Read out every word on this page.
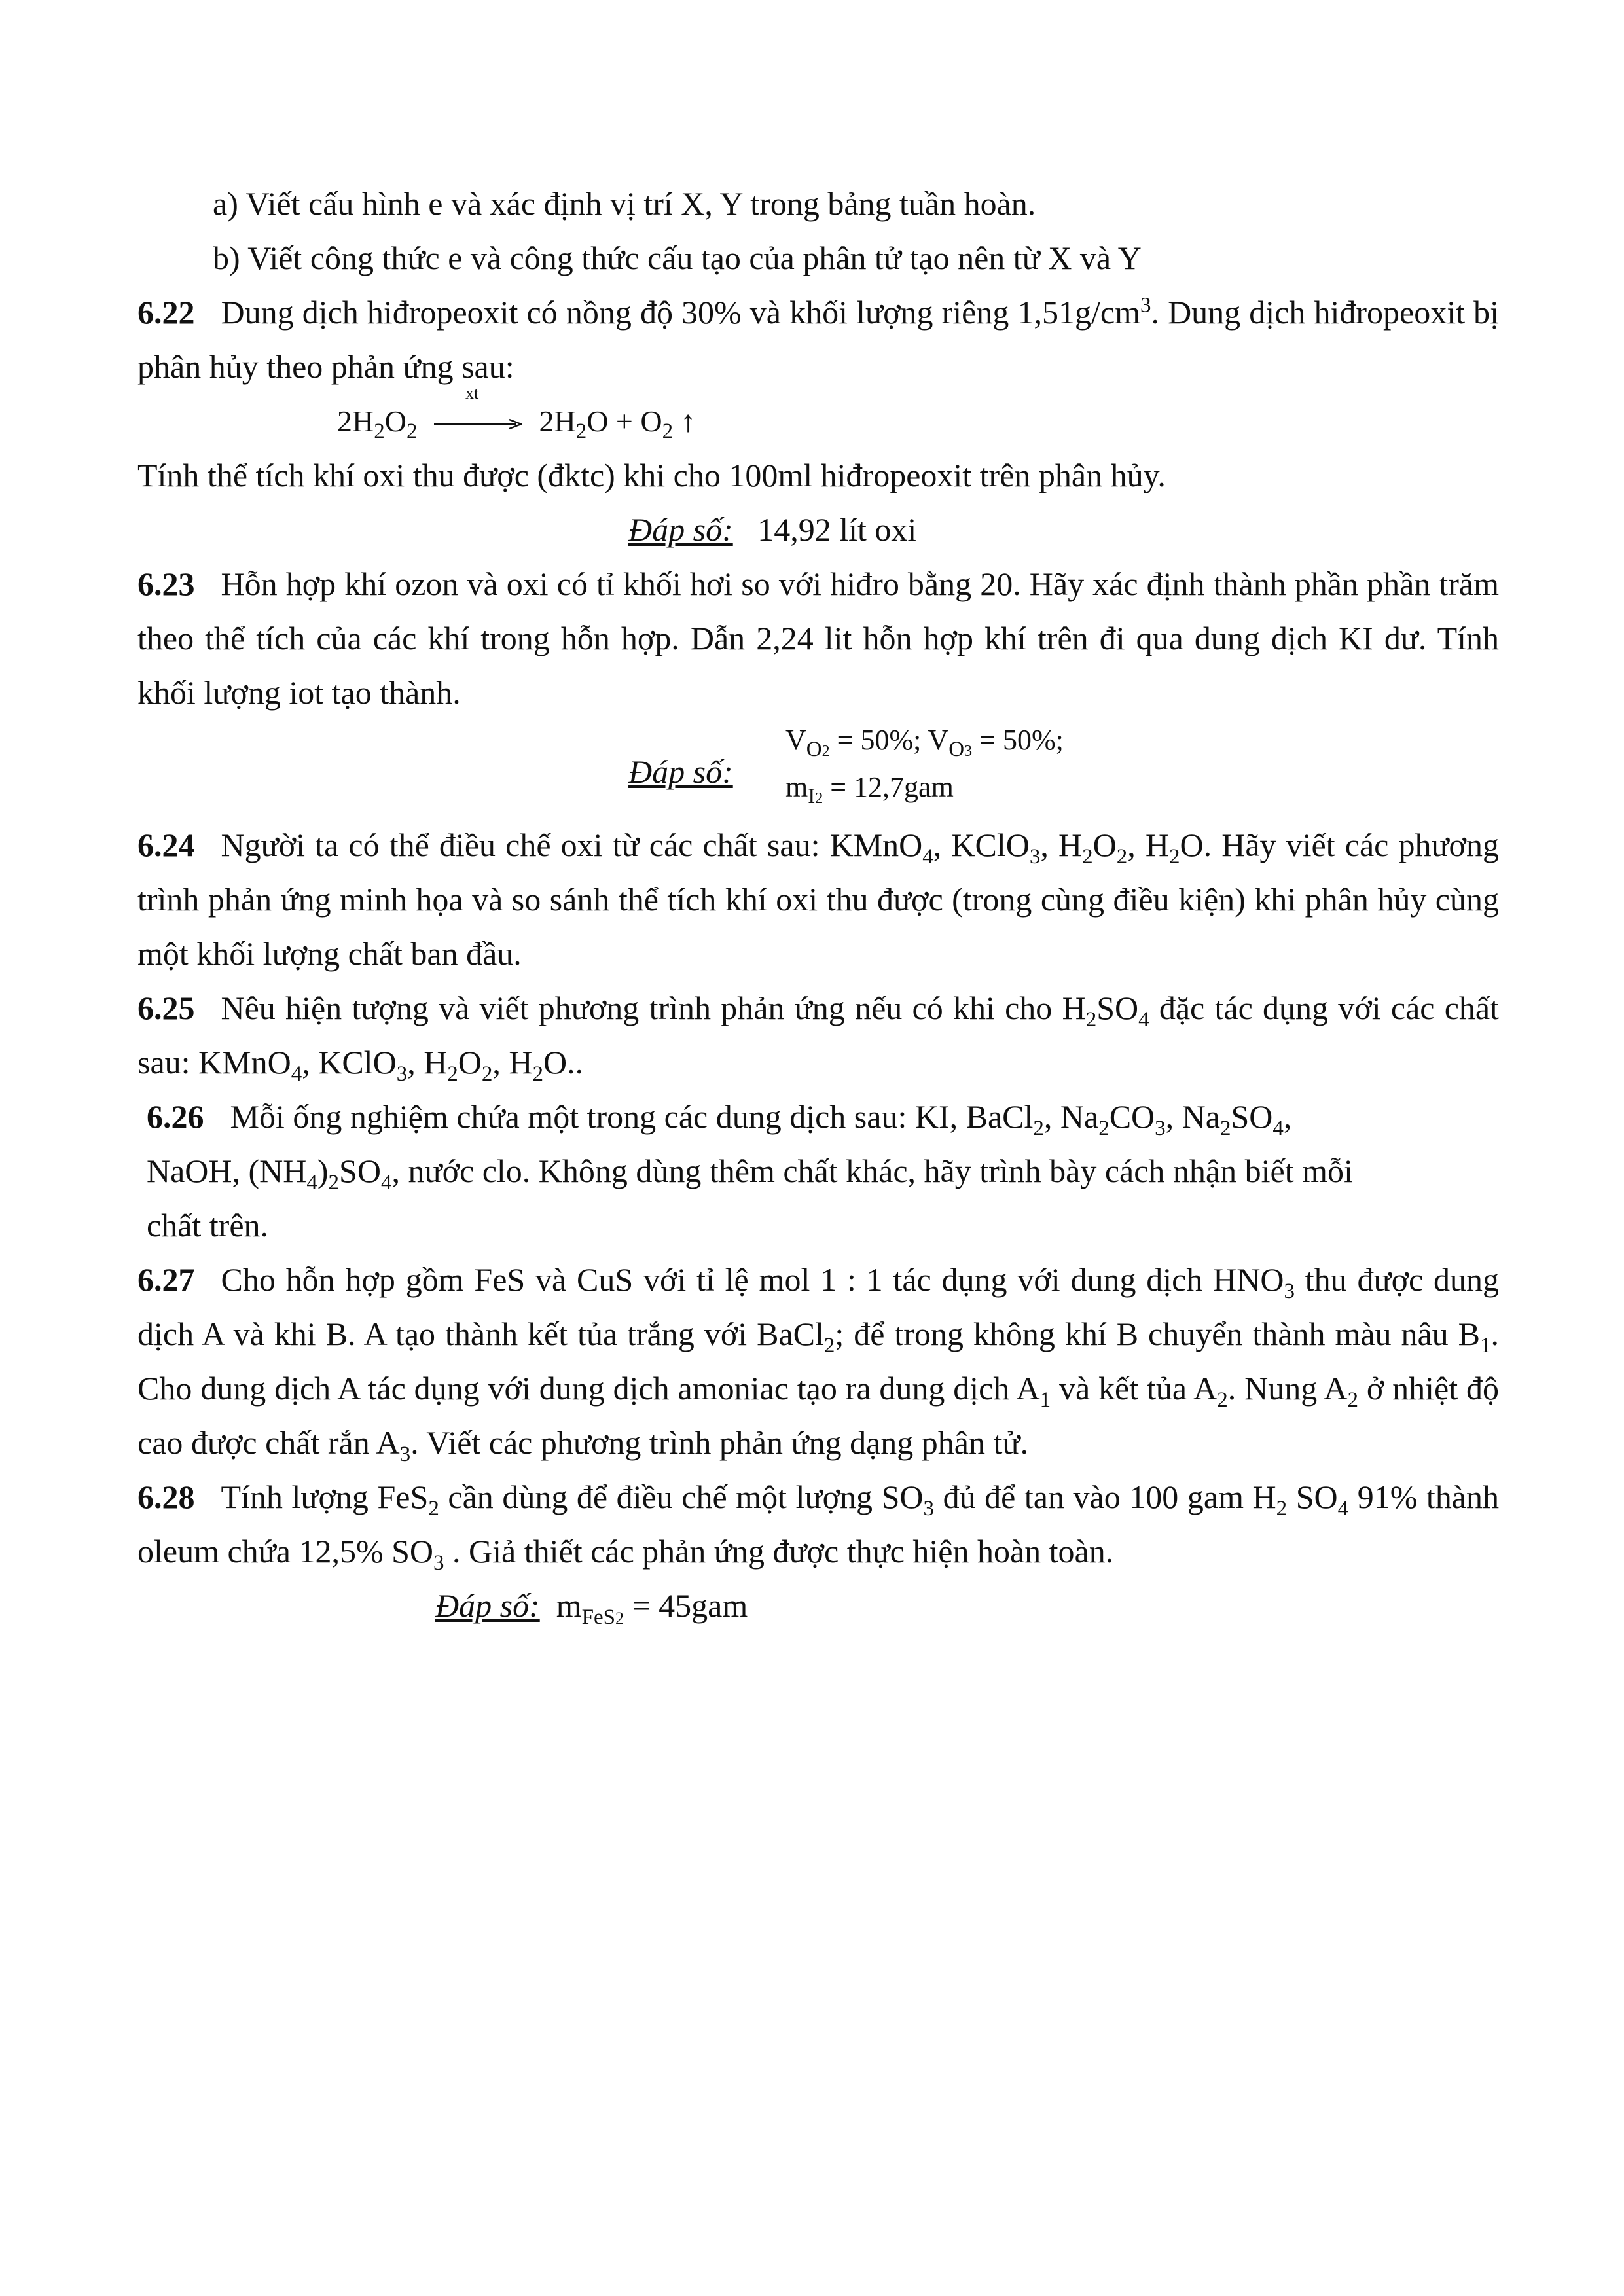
a) Viết cấu hình e và xác định vị trí X, Y trong bảng tuần hoàn.

b) Viết công thức e và công thức cấu tạo của phân tử tạo nên từ X và Y

6.22 Dung dịch hiđropeoxit có nồng độ 30% và khối lượng riêng $1,51g/cm^3$. Dung dịch hiđropeoxit bị phân hủy theo phản ứng sau:

$2H_2O_2$
xt
$2H_2O + O_2$ ↑

Tính thể tích khí oxi thu được (đktc) khi cho 100ml hiđropeoxit trên phân hủy.

Đáp số: 14,92 lít oxi

6.23 Hỗn hợp khí ozon và oxi có tỉ khối hơi so với hiđro bằng 20. Hãy xác định thành phần phần trăm theo thể tích của các khí trong hỗn hợp. Dẫn 2,24 lit hỗn hợp khí trên đi qua dung dịch KI dư. Tính khối lượng iot tạo thành.

Đáp số:
$V_{O2} = 50\%$; $V_{O3} = 50\%$;
$m_{I2} = 12,7gam$

6.24 Người ta có thể điều chế oxi từ các chất sau: KMnO$_4$, KClO$_3$, $H_2O_2$, $H_2O$. Hãy viết các phương trình phản ứng minh họa và so sánh thể tích khí oxi thu được (trong cùng điều kiện) khi phân hủy cùng một khối lượng chất ban đầu.

6.25 Nêu hiện tượng và viết phương trình phản ứng nếu có khi cho $H_2SO_4$ đặc tác dụng với các chất sau: KMnO$_4$, KClO$_3$, $H_2O_2$, $H_2O$..

6.26 Mỗi ống nghiệm chứa một trong các dung dịch sau: KI, BaCl$_2$, $Na_2CO_3$, $Na_2SO_4$, NaOH, $(NH_4)_2SO_4$, nước clo. Không dùng thêm chất khác, hãy trình bày cách nhận biết mỗi chất trên.

6.27 Cho hỗn hợp gồm FeS và CuS với tỉ lệ mol 1 : 1 tác dụng với dung dịch $HNO_3$ thu được dung dịch A và khi B. A tạo thành kết tủa trắng với BaCl$_2$; để trong không khí B chuyển thành màu nâu $B_1$. Cho dung dịch A tác dụng với dung dịch amoniac tạo ra dung dịch $A_1$ và kết tủa $A_2$. Nung $A_2$ ở nhiệt độ cao được chất rắn $A_3$. Viết các phương trình phản ứng dạng phân tử.

6.28 Tính lượng FeS$_2$ cần dùng để điều chế một lượng $SO_3$ đủ để tan vào 100 gam $H_2$ $SO_4$ 91% thành oleum chứa 12,5% $SO_3$ . Giả thiết các phản ứng được thực hiện hoàn toàn.

Đáp số: $m_{FeS2} = 45gam$
